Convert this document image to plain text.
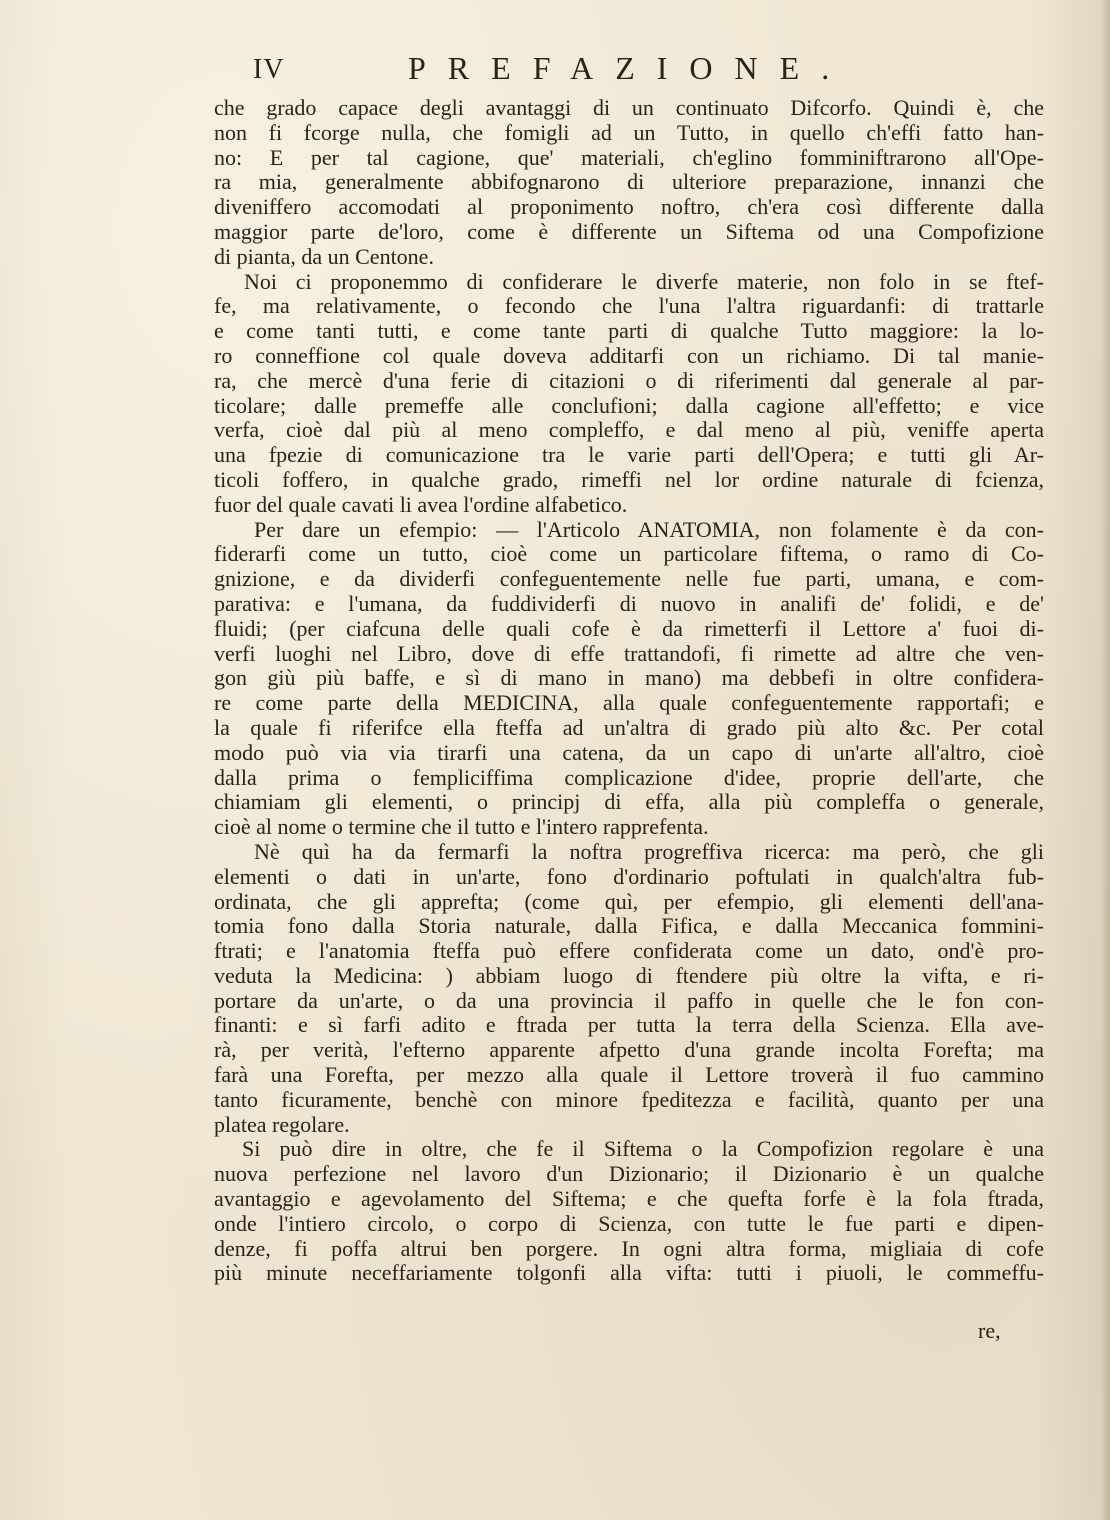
IV	PREFAZIONE.
che grado capace degli avantaggi di un continuato Difcorfo. Quindi è, che
non fi fcorge nulla, che fomigli ad un Tutto, in quello ch'effi fatto han-
no: E per tal cagione, que' materiali, ch'eglino fomminiftrarono all'Ope-
ra mia, generalmente abbifognarono di ulteriore preparazione, innanzi che
diveniffero accomodati al proponimento noftro, ch'era così differente dalla
maggior parte de'loro, come è differente un Siftema od una Compofizione
di pianta, da un Centone.
Noi ci proponemmo di confiderare le diverfe materie, non folo in se ftef-
fe, ma relativamente, o fecondo che l'una l'altra riguardanfi: di trattarle
e come tanti tutti, e come tante parti di qualche Tutto maggiore: la lo-
ro conneffione col quale doveva additarfi con un richiamo. Di tal manie-
ra, che mercè d'una ferie di citazioni o di riferimenti dal generale al par-
ticolare; dalle premeffe alle conclufioni; dalla cagione all'effetto; e vice
verfa, cioè dal più al meno compleffo, e dal meno al più, veniffe aperta
una fpezie di comunicazione tra le varie parti dell'Opera; e tutti gli Ar-
ticoli foffero, in qualche grado, rimeffi nel lor ordine naturale di fcienza,
fuor del quale cavati li avea l'ordine alfabetico.
Per dare un efempio: — l'Articolo ANATOMIA, non folamente è da con-
fiderarfi come un tutto, cioè come un particolare fiftema, o ramo di Co-
gnizione, e da dividerfi confeguentemente nelle fue parti, umana, e com-
parativa: e l'umana, da fuddividerfi di nuovo in analifi de' folidi, e de'
fluidi; (per ciafcuna delle quali cofe è da rimetterfi il Lettore a' fuoi di-
verfi luoghi nel Libro, dove di effe trattandofi, fi rimette ad altre che ven-
gon giù più baffe, e sì di mano in mano) ma debbefi in oltre confidera-
re come parte della MEDICINA, alla quale confeguentemente rapportafi; e
la quale fi riferifce ella fteffa ad un'altra di grado più alto &c. Per cotal
modo può via via tirarfi una catena, da un capo di un'arte all'altro, cioè
dalla prima o fempliciffima complicazione d'idee, proprie dell'arte, che
chiamiam gli elementi, o principj di effa, alla più compleffa o generale,
cioè al nome o termine che il tutto e l'intero rapprefenta.
Nè quì ha da fermarfi la noftra progreffiva ricerca: ma però, che gli
elementi o dati in un'arte, fono d'ordinario poftulati in qualch'altra fub-
ordinata, che gli apprefta; (come quì, per efempio, gli elementi dell'ana-
tomia fono dalla Storia naturale, dalla Fifica, e dalla Meccanica fommini-
ftrati; e l'anatomia fteffa può effere confiderata come un dato, ond'è pro-
veduta la Medicina: ) abbiam luogo di ftendere più oltre la vifta, e ri-
portare da un'arte, o da una provincia il paffo in quelle che le fon con-
finanti: e sì farfi adito e ftrada per tutta la terra della Scienza. Ella ave-
rà, per verità, l'efterno apparente afpetto d'una grande incolta Forefta; ma
farà una Forefta, per mezzo alla quale il Lettore troverà il fuo cammino
tanto ficuramente, benchè con minore fpeditezza e facilità, quanto per una
platea regolare.
Si può dire in oltre, che fe il Siftema o la Compofizion regolare è una
nuova perfezione nel lavoro d'un Dizionario; il Dizionario è un qualche
avantaggio e agevolamento del Siftema; e che quefta forfe è la fola ftrada,
onde l'intiero circolo, o corpo di Scienza, con tutte le fue parti e dipen-
denze, fi poffa altrui ben porgere. In ogni altra forma, migliaia di cofe
più minute neceffariamente tolgonfi alla vifta: tutti i piuoli, le commeffu-
re,
